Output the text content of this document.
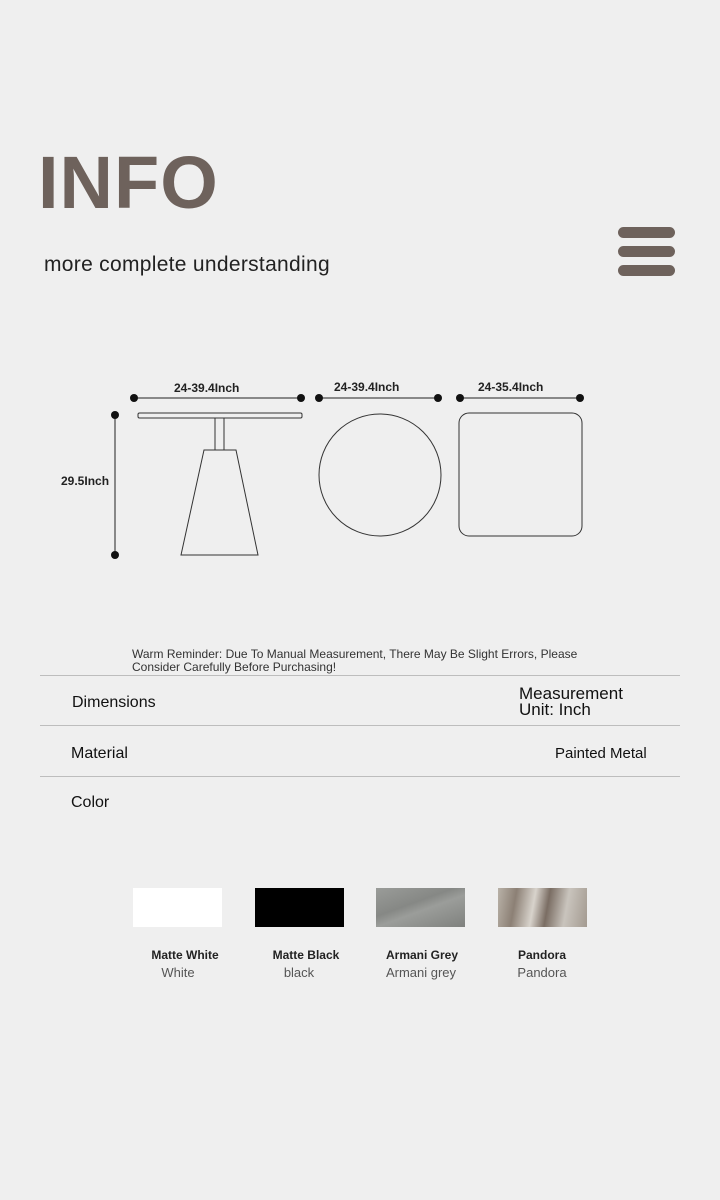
INFO
more complete understanding
24-39.4Inch	24-39.4Inch	24-35.4Inch
29.5Inch
Warm Reminder: Due To Manual Measurement, There May Be Slight Errors, Please Consider Carefully Before Purchasing!
Dimensions	Measurement
Unit: Inch
Material	Painted Metal
Color
Matte White
White
Matte Black
black
Armani Grey
Armani grey
Pandora
Pandora
